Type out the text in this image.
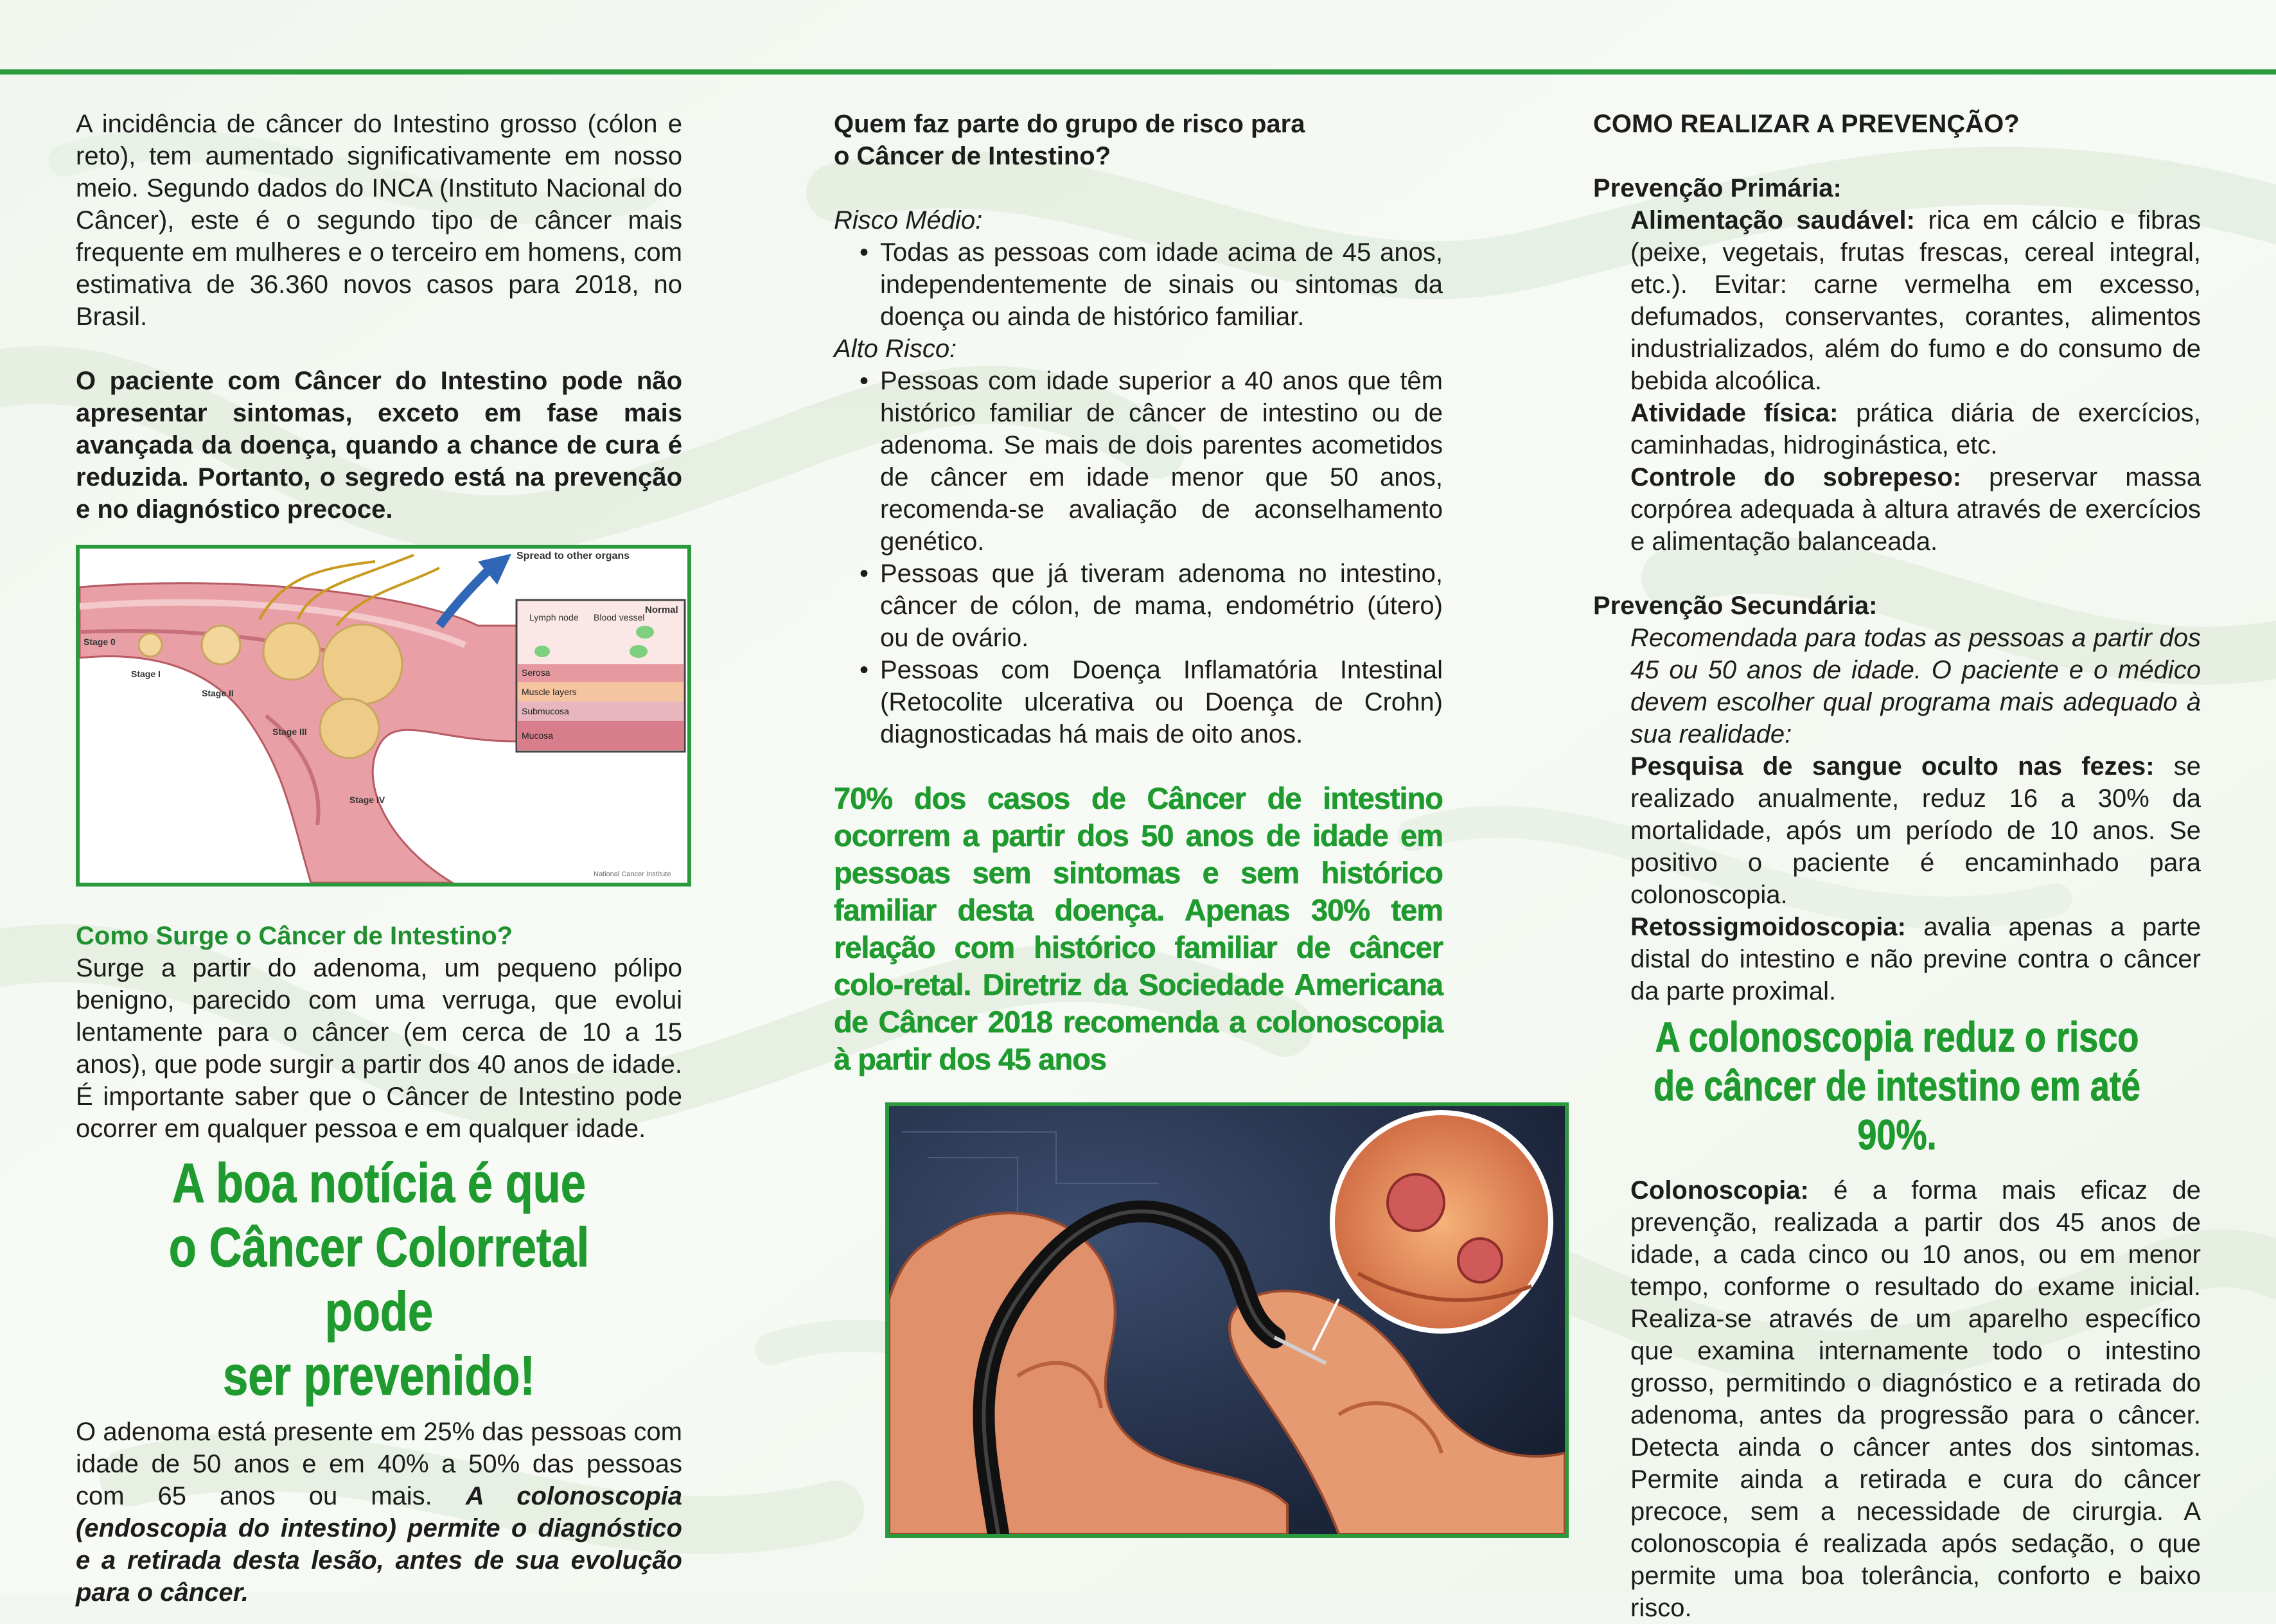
A incidência de câncer do Intestino grosso (cólon e reto), tem aumentado significativamente em nosso meio. Segundo dados do INCA (Instituto Nacional do Câncer), este é o segundo tipo de câncer mais frequente em mulheres e o terceiro em homens, com estimativa de 36.360 novos casos para 2018, no Brasil.

O paciente com Câncer do Intestino pode não apresentar sintomas, exceto em fase mais avançada da doença, quando a chance de cura é reduzida. Portanto, o segredo está na prevenção e no diagnóstico precoce.

Spread to other organs
Normal
Lymph node Blood vessel
Serosa
Muscle layers
Submucosa
Mucosa
Stage 0
Stage I
Stage II
Stage III
Stage IV
National Cancer Institute

Como Surge o Câncer de Intestino?

Surge a partir do adenoma, um pequeno pólipo benigno, parecido com uma verruga, que evolui lentamente para o câncer (em cerca de 10 a 15 anos), que pode surgir a partir dos 40 anos de idade. É importante saber que o Câncer de Intestino pode ocorrer em qualquer pessoa e em qualquer idade.

A boa notícia é que
o Câncer Colorretal pode
ser prevenido!

O adenoma está presente em 25% das pessoas com idade de 50 anos e em 40% a 50% das pessoas com 65 anos ou mais. A colonoscopia (endoscopia do intestino) permite o diagnóstico e a retirada desta lesão, antes de sua evolução para o câncer.

Quem faz parte do grupo de risco para o Câncer de Intestino?

Risco Médio:

• Todas as pessoas com idade acima de 45 anos, independentemente de sinais ou sintomas da doença ou ainda de histórico familiar.

Alto Risco:

• Pessoas com idade superior a 40 anos que têm histórico familiar de câncer de intestino ou de adenoma. Se mais de dois parentes acometidos de câncer em idade menor que 50 anos, recomenda-se avaliação de aconselhamento genético.
• Pessoas que já tiveram adenoma no intestino, câncer de cólon, de mama, endométrio (útero) ou de ovário.
• Pessoas com Doença Inflamatória Intestinal (Retocolite ulcerativa ou Doença de Crohn) diagnosticadas há mais de oito anos.

70% dos casos de Câncer de intestino ocorrem a partir dos 50 anos de idade em pessoas sem sintomas e sem histórico familiar desta doença. Apenas 30% tem relação com histórico familiar de câncer colo-retal. Diretriz da Sociedade Americana de Câncer 2018 recomenda a colonoscopia à partir dos 45 anos

COMO REALIZAR A PREVENÇÃO?

Prevenção Primária:

Alimentação saudável: rica em cálcio e fibras (peixe, vegetais, frutas frescas, cereal integral, etc.). Evitar: carne vermelha em excesso, defumados, conservantes, corantes, alimentos industrializados, além do fumo e do consumo de bebida alcoólica.

Atividade física: prática diária de exercícios, caminhadas, hidroginástica, etc.

Controle do sobrepeso: preservar massa corpórea adequada à altura através de exercícios e alimentação balanceada.

Prevenção Secundária:

Recomendada para todas as pessoas a partir dos 45 ou 50 anos de idade. O paciente e o médico devem escolher qual programa mais adequado à sua realidade:

Pesquisa de sangue oculto nas fezes: se realizado anualmente, reduz 16 a 30% da mortalidade, após um período de 10 anos. Se positivo o paciente é encaminhado para colonoscopia.

Retossigmoidoscopia: avalia apenas a parte distal do intestino e não previne contra o câncer da parte proximal.

A colonoscopia reduz o risco
de câncer de intestino em até 90%.

Colonoscopia: é a forma mais eficaz de prevenção, realizada a partir dos 45 anos de idade, a cada cinco ou 10 anos, ou em menor tempo, conforme o resultado do exame inicial. Realiza-se através de um aparelho específico que examina internamente todo o intestino grosso, permitindo o diagnóstico e a retirada do adenoma, antes da progressão para o câncer. Detecta ainda o câncer antes dos sintomas. Permite ainda a retirada e cura do câncer precoce, sem a necessidade de cirurgia. A colonoscopia é realizada após sedação, o que permite uma boa tolerância, conforto e baixo risco.
